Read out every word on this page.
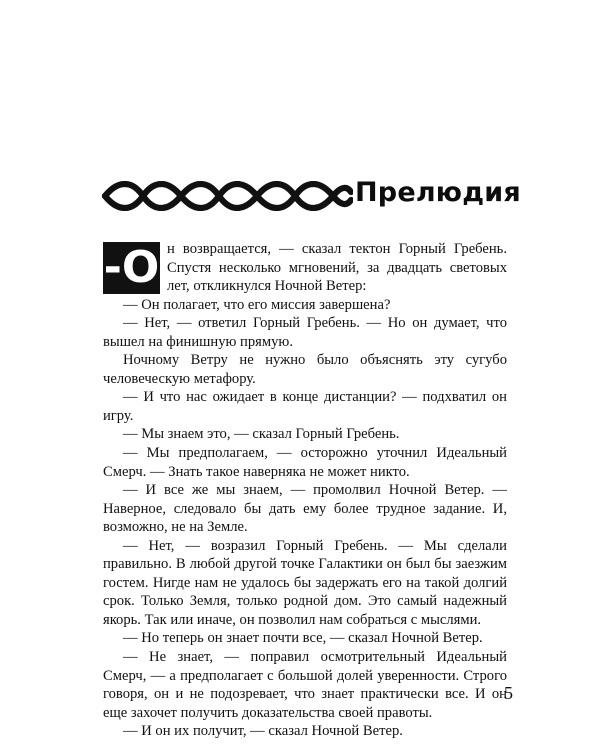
Прелюдия

-О н возвращается, — сказал тектон Горный Гребень. Спустя несколько мгновений, за двадцать световых лет, откликнулся Ночной Ветер:

— Он полагает, что его миссия завершена?

— Нет, — ответил Горный Гребень. — Но он думает, что вышел на финишную прямую.

Ночному Ветру не нужно было объяснять эту сугубо человеческую метафору.

— И что нас ожидает в конце дистанции? — подхватил он игру.

— Мы знаем это, — сказал Горный Гребень.

— Мы предполагаем, — осторожно уточнил Идеальный Смерч. — Знать такое наверняка не может никто.

— И все же мы знаем, — промолвил Ночной Ветер. — Наверное, следовало бы дать ему более трудное задание. И, возможно, не на Земле.

— Нет, — возразил Горный Гребень. — Мы сделали правильно. В любой другой точке Галактики он был бы заезжим гостем. Нигде нам не удалось бы задержать его на такой долгий срок. Только Земля, только родной дом. Это самый надежный якорь. Так или иначе, он позволил нам собраться с мыслями.

— Но теперь он знает почти все, — сказал Ночной Ветер.

— Не знает, — поправил осмотрительный Идеальный Смерч, — а предполагает с большой долей уверенности. Строго говоря, он и не подозревает, что знает практически все. И он еще захочет получить доказательства своей правоты.

— И он их получит, — сказал Ночной Ветер.

5
